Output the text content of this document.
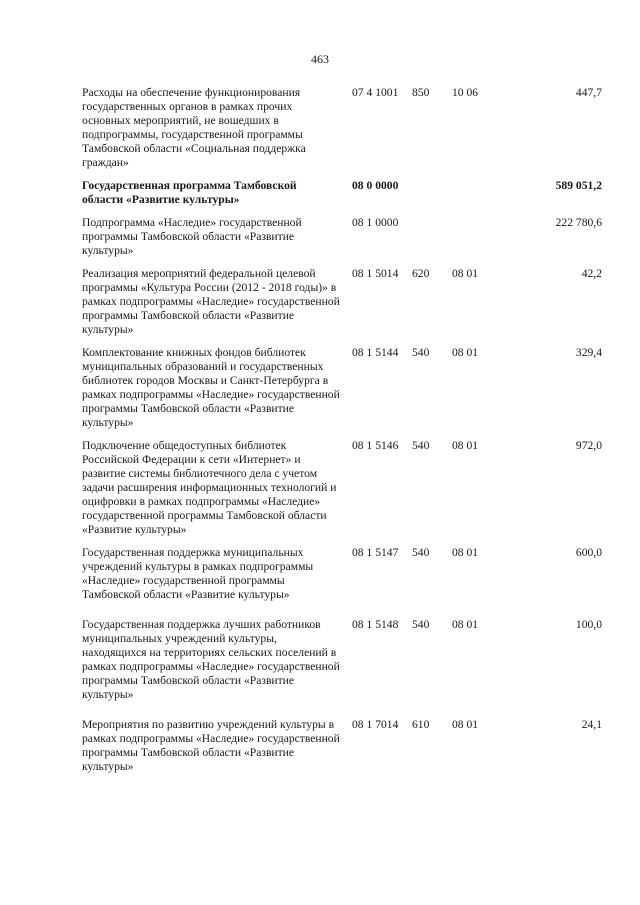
463
Расходы на обеспечение функционирования государственных органов в рамках прочих основных мероприятий, не вошедших в подпрограммы, государственной программы Тамбовской области «Социальная поддержка граждан»	07 4 1001	850	10 06	447,7
Государственная программа Тамбовской области «Развитие культуры»	08 0 0000			589 051,2
Подпрограмма «Наследие» государственной программы Тамбовской области «Развитие культуры»	08 1 0000			222 780,6
Реализация мероприятий федеральной целевой программы «Культура России (2012 - 2018 годы)» в рамках подпрограммы «Наследие» государственной программы Тамбовской области «Развитие культуры»	08 1 5014	620	08 01	42,2
Комплектование книжных фондов библиотек муниципальных образований и государственных библиотек городов Москвы и Санкт-Петербурга в рамках подпрограммы «Наследие» государственной программы Тамбовской области «Развитие культуры»	08 1 5144	540	08 01	329,4
Подключение общедоступных библиотек Российской Федерации к сети «Интернет» и развитие системы библиотечного дела с учетом задачи расширения информационных технологий и оцифровки в рамках подпрограммы «Наследие» государственной программы Тамбовской области «Развитие культуры»	08 1 5146	540	08 01	972,0
Государственная поддержка муниципальных учреждений культуры в рамках подпрограммы «Наследие» государственной программы Тамбовской области «Развитие культуры»	08 1 5147	540	08 01	600,0
Государственная поддержка лучших работников муниципальных учреждений культуры, находящихся на территориях сельских поселений в рамках подпрограммы «Наследие» государственной программы Тамбовской области «Развитие культуры»	08 1 5148	540	08 01	100,0
Мероприятия по развитию учреждений культуры в рамках подпрограммы «Наследие» государственной программы Тамбовской области «Развитие культуры»	08 1 7014	610	08 01	24,1
